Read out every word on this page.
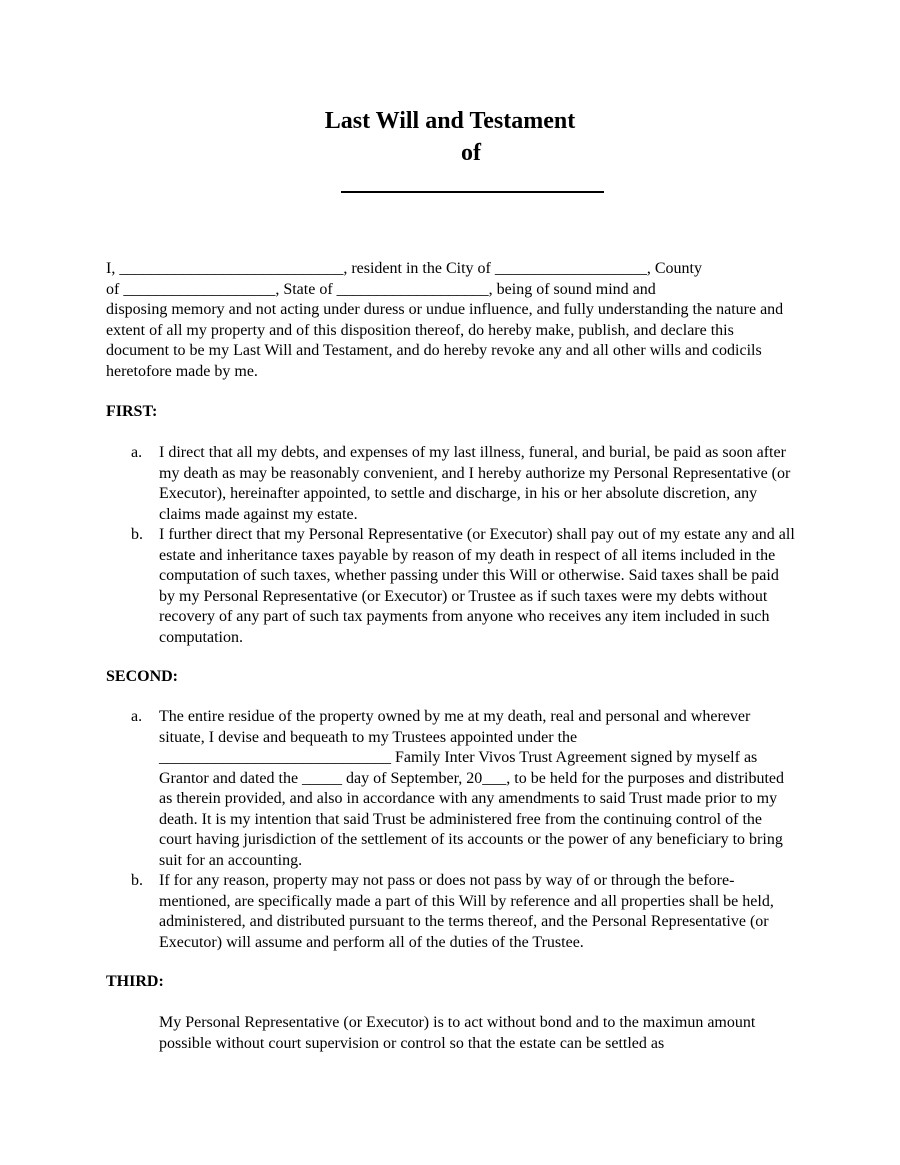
Last Will and Testament

of

I, ____________________________, resident in the City of ___________________, County
of ___________________, State of ___________________, being of sound mind and
disposing memory and not acting under duress or undue influence, and fully understanding the nature and extent of all my property and of this disposition thereof, do hereby make, publish, and declare this document to be my Last Will and Testament, and do hereby revoke any and all other wills and codicils heretofore made by me.
FIRST:
a.	I direct that all my debts, and expenses of my last illness, funeral, and burial, be paid as soon after my death as may be reasonably convenient, and I hereby authorize my Personal Representative (or Executor), hereinafter appointed, to settle and discharge, in his or her absolute discretion, any claims made against my estate.
b.	I further direct that my Personal Representative (or Executor) shall pay out of my estate any and all estate and inheritance taxes payable by reason of my death in respect of all items included in the computation of such taxes, whether passing under this Will or otherwise. Said taxes shall be paid by my Personal Representative (or Executor) or Trustee as if such taxes were my debts without recovery of any part of such tax payments from anyone who receives any item included in such computation.
SECOND:
a.	The entire residue of the property owned by me at my death, real and personal and wherever situate, I devise and bequeath to my Trustees appointed under the _____________________________ Family Inter Vivos Trust Agreement signed by myself as Grantor and dated the _____ day of September, 20___, to be held for the purposes and distributed as therein provided, and also in accordance with any amendments to said Trust made prior to my death. It is my intention that said Trust be administered free from the continuing control of the court having jurisdiction of the settlement of its accounts or the power of any beneficiary to bring suit for an accounting.
b.	If for any reason, property may not pass or does not pass by way of or through the before-mentioned, are specifically made a part of this Will by reference and all properties shall be held, administered, and distributed pursuant to the terms thereof, and the Personal Representative (or Executor) will assume and perform all of the duties of the Trustee.
THIRD:
My Personal Representative (or Executor) is to act without bond and to the maximun amount possible without court supervision or control so that the estate can be settled as
